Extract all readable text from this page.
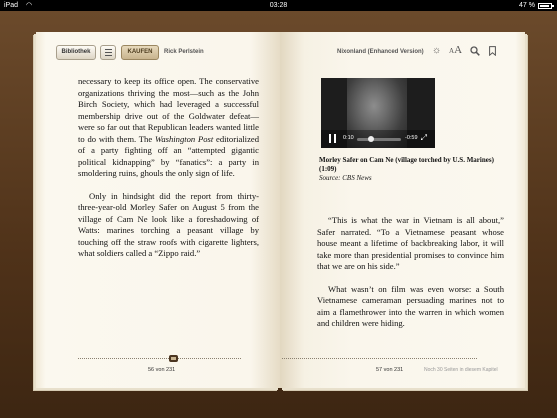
iPad ◠	03:28	47 %

necessary to keep its office open. The conservative organizations thriving the most—such as the John Birch Society, which had leveraged a successful membership drive out of the Goldwater defeat—were so far out that Republican leaders wanted little to do with them. The Washington Post editorialized of a party fighting off an “attempted gigantic political kidnapping” by “fanatics”: a party in smoldering ruins, ghouls the only sign of life.

Only in hindsight did the report from thirty-three-year-old Morley Safer on August 5 from the village of Cam Ne look like a foreshadowing of Watts: marines torching a peasant village by touching off the straw roofs with cigarette lighters, what soldiers called a “Zippo raid.”

“This is what the war in Vietnam is all about,” Safer narrated. “To a Vietnamese peasant whose house meant a lifetime of backbreaking labor, it will take more than presidential promises to convince him that we are on his side.”

What wasn’t on film was even worse: a South Vietnamese cameraman persuading marines not to aim a flamethrower into the warren in which women and children were hiding.

Bibliothek	KAUFEN	Rick Perlstein	Nixonland (Enhanced Version) ☼ AA
0:10	-0:59 ⤢
Morley Safer on Cam Ne (village torched by U.S. Marines) (1:09)
Source: CBS News
56 von 231	57 von 231	Noch 30 Seiten in diesem Kapitel
